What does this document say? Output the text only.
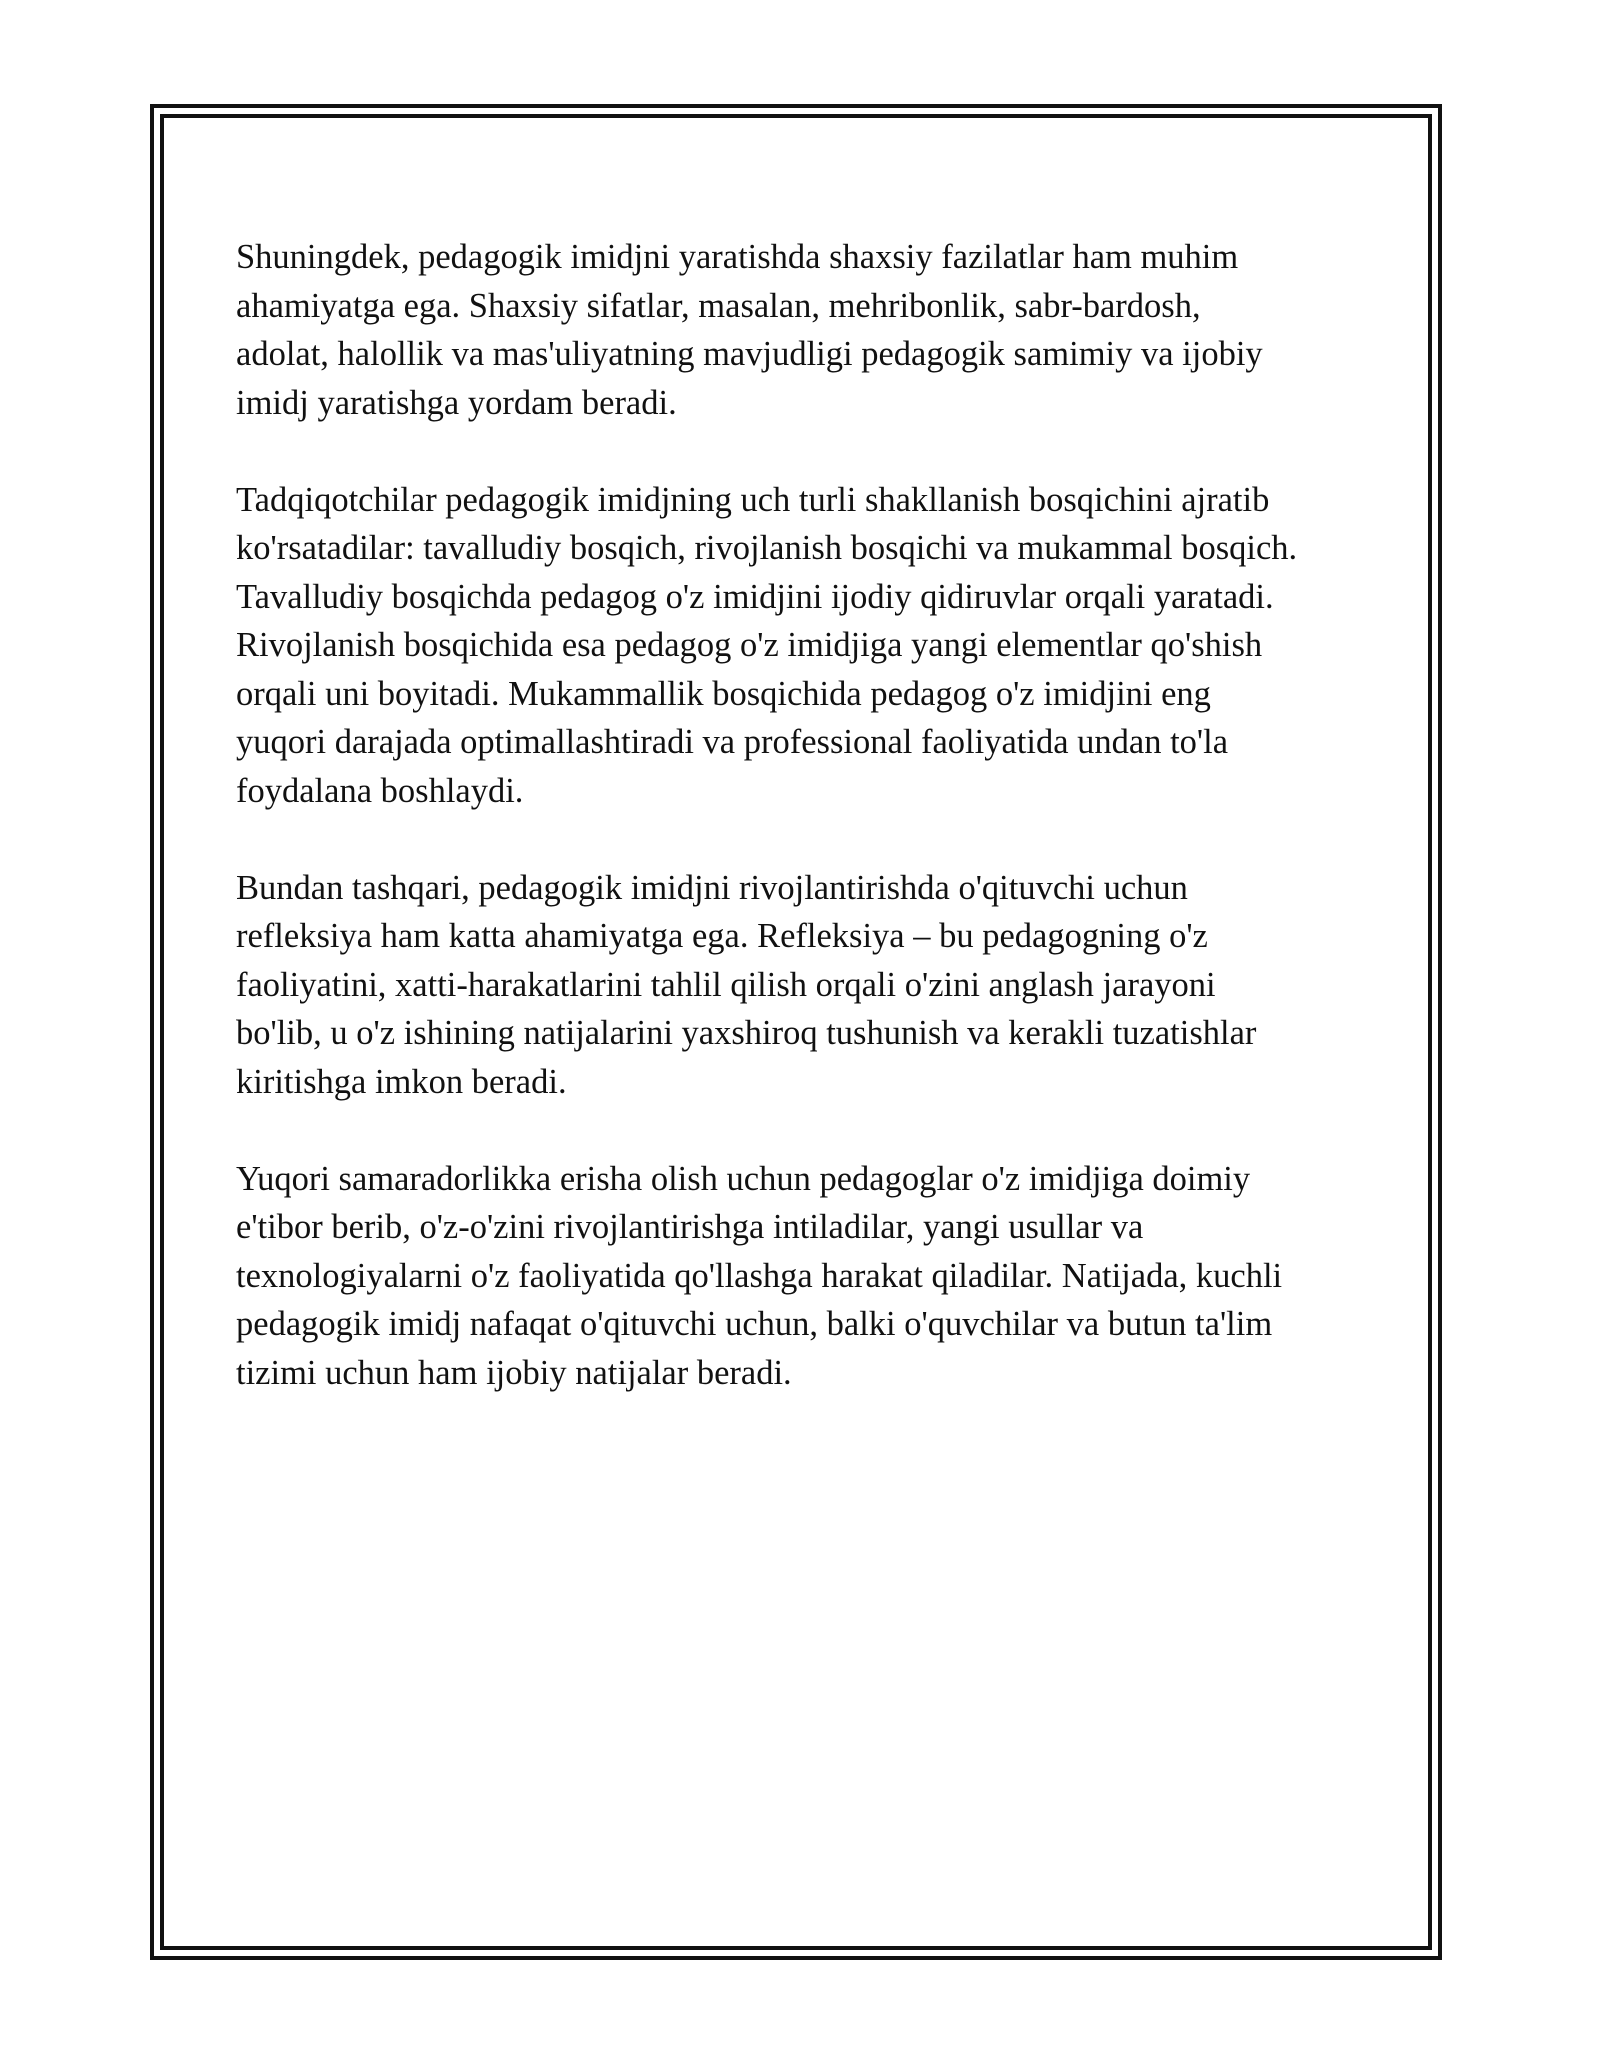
Shuningdek, pedagogik imidjni yaratishda shaxsiy fazilatlar ham muhim
ahamiyatga ega. Shaxsiy sifatlar, masalan, mehribonlik, sabr-bardosh,
adolat, halollik va mas'uliyatning mavjudligi pedagogik samimiy va ijobiy
imidj yaratishga yordam beradi.

Tadqiqotchilar pedagogik imidjning uch turli shakllanish bosqichini ajratib
ko'rsatadilar: tavalludiy bosqich, rivojlanish bosqichi va mukammal bosqich.
Tavalludiy bosqichda pedagog o'z imidjini ijodiy qidiruvlar orqali yaratadi.
Rivojlanish bosqichida esa pedagog o'z imidjiga yangi elementlar qo'shish
orqali uni boyitadi. Mukammallik bosqichida pedagog o'z imidjini eng
yuqori darajada optimallashtiradi va professional faoliyatida undan to'la
foydalana boshlaydi.

Bundan tashqari, pedagogik imidjni rivojlantirishda o'qituvchi uchun
refleksiya ham katta ahamiyatga ega. Refleksiya – bu pedagogning o'z
faoliyatini, xatti-harakatlarini tahlil qilish orqali o'zini anglash jarayoni
bo'lib, u o'z ishining natijalarini yaxshiroq tushunish va kerakli tuzatishlar
kiritishga imkon beradi.

Yuqori samaradorlikka erisha olish uchun pedagoglar o'z imidjiga doimiy
e'tibor berib, o'z-o'zini rivojlantirishga intiladilar, yangi usullar va
texnologiyalarni o'z faoliyatida qo'llashga harakat qiladilar. Natijada, kuchli
pedagogik imidj nafaqat o'qituvchi uchun, balki o'quvchilar va butun ta'lim
tizimi uchun ham ijobiy natijalar beradi.
